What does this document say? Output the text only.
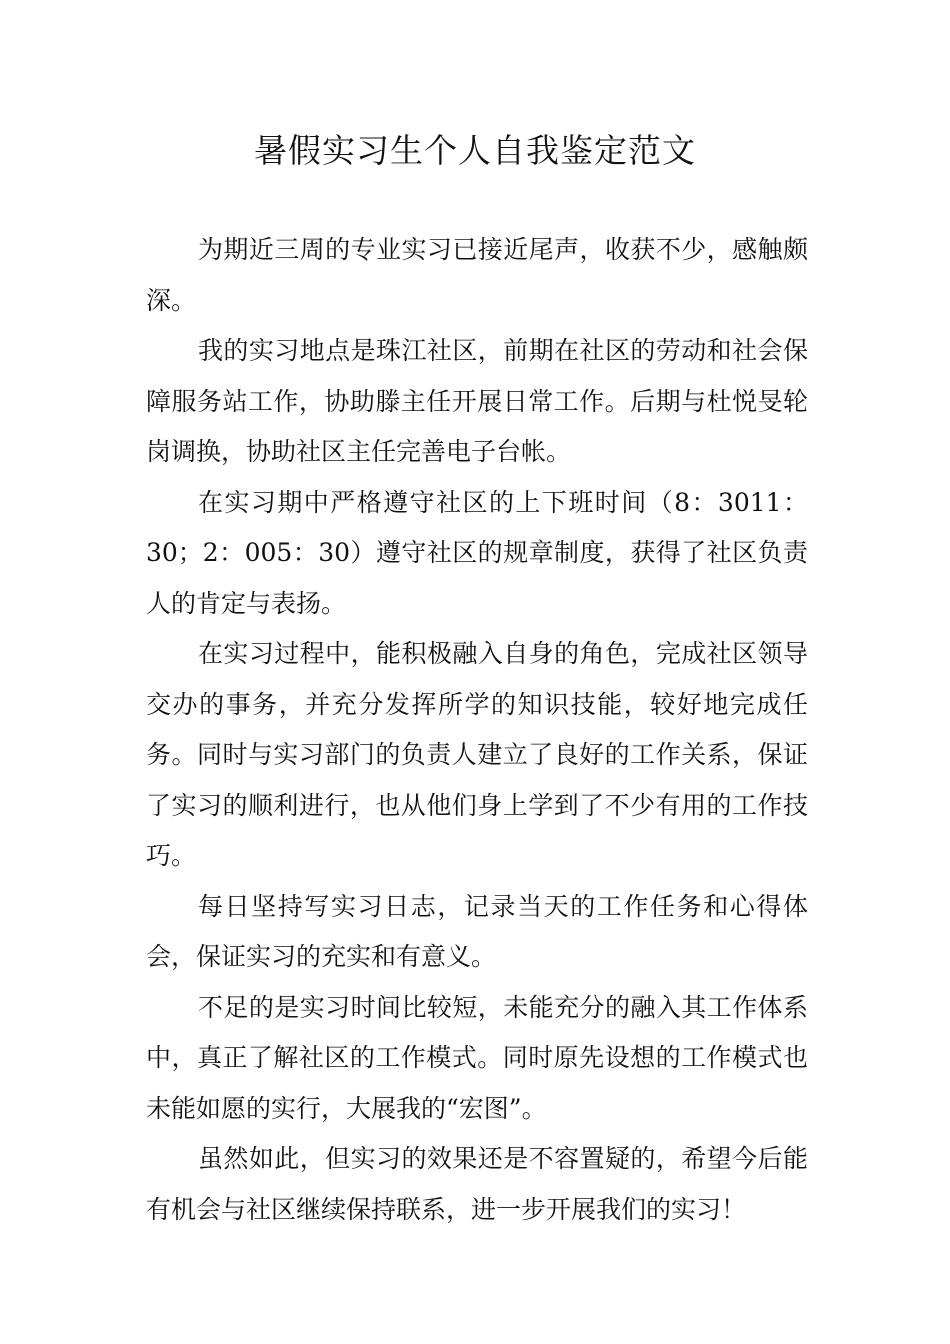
暑假实习生个人自我鉴定范文

为期近三周的专业实习已接近尾声，收获不少，感触颇深。

我的实习地点是珠江社区，前期在社区的劳动和社会保障服务站工作，协助滕主任开展日常工作。后期与杜悦旻轮岗调换，协助社区主任完善电子台帐。

在实习期中严格遵守社区的上下班时间（8：3011：30；2：005：30）遵守社区的规章制度，获得了社区负责人的肯定与表扬。

在实习过程中，能积极融入自身的角色，完成社区领导交办的事务，并充分发挥所学的知识技能，较好地完成任务。同时与实习部门的负责人建立了良好的工作关系，保证了实习的顺利进行，也从他们身上学到了不少有用的工作技巧。

每日坚持写实习日志，记录当天的工作任务和心得体会，保证实习的充实和有意义。

不足的是实习时间比较短，未能充分的融入其工作体系中，真正了解社区的工作模式。同时原先设想的工作模式也未能如愿的实行，大展我的“宏图”。

虽然如此，但实习的效果还是不容置疑的，希望今后能有机会与社区继续保持联系，进一步开展我们的实习！
